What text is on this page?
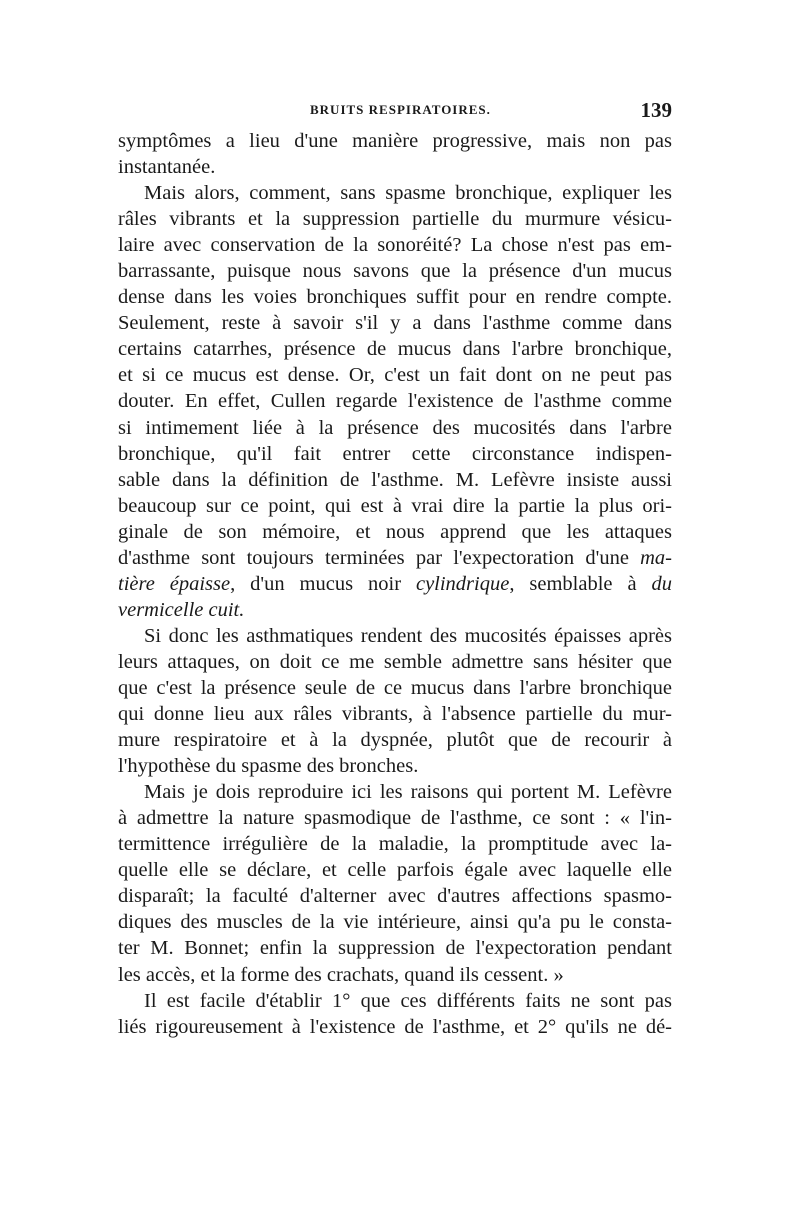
BRUITS RESPIRATOIRES.	139
symptômes a lieu d'une manière progressive, mais non pas
instantanée.
Mais alors, comment, sans spasme bronchique, expliquer les
râles vibrants et la suppression partielle du murmure vésicu-
laire avec conservation de la sonoréité? La chose n'est pas em-
barrassante, puisque nous savons que la présence d'un mucus
dense dans les voies bronchiques suffit pour en rendre compte.
Seulement, reste à savoir s'il y a dans l'asthme comme dans
certains catarrhes, présence de mucus dans l'arbre bronchique,
et si ce mucus est dense. Or, c'est un fait dont on ne peut pas
douter. En effet, Cullen regarde l'existence de l'asthme comme
si intimement liée à la présence des mucosités dans l'arbre
bronchique, qu'il fait entrer cette circonstance indispen-
sable dans la définition de l'asthme. M. Lefèvre insiste aussi
beaucoup sur ce point, qui est à vrai dire la partie la plus ori-
ginale de son mémoire, et nous apprend que les attaques
d'asthme sont toujours terminées par l'expectoration d'une ma-
tière épaisse, d'un mucus noir cylindrique, semblable à du
vermicelle cuit.
Si donc les asthmatiques rendent des mucosités épaisses après
leurs attaques, on doit ce me semble admettre sans hésiter que
que c'est la présence seule de ce mucus dans l'arbre bronchique
qui donne lieu aux râles vibrants, à l'absence partielle du mur-
mure respiratoire et à la dyspnée, plutôt que de recourir à
l'hypothèse du spasme des bronches.
Mais je dois reproduire ici les raisons qui portent M. Lefèvre
à admettre la nature spasmodique de l'asthme, ce sont : « l'in-
termittence irrégulière de la maladie, la promptitude avec la-
quelle elle se déclare, et celle parfois égale avec laquelle elle
disparaît; la faculté d'alterner avec d'autres affections spasmo-
diques des muscles de la vie intérieure, ainsi qu'a pu le consta-
ter M. Bonnet; enfin la suppression de l'expectoration pendant
les accès, et la forme des crachats, quand ils cessent. »
Il est facile d'établir 1° que ces différents faits ne sont pas
liés rigoureusement à l'existence de l'asthme, et 2° qu'ils ne dé-
